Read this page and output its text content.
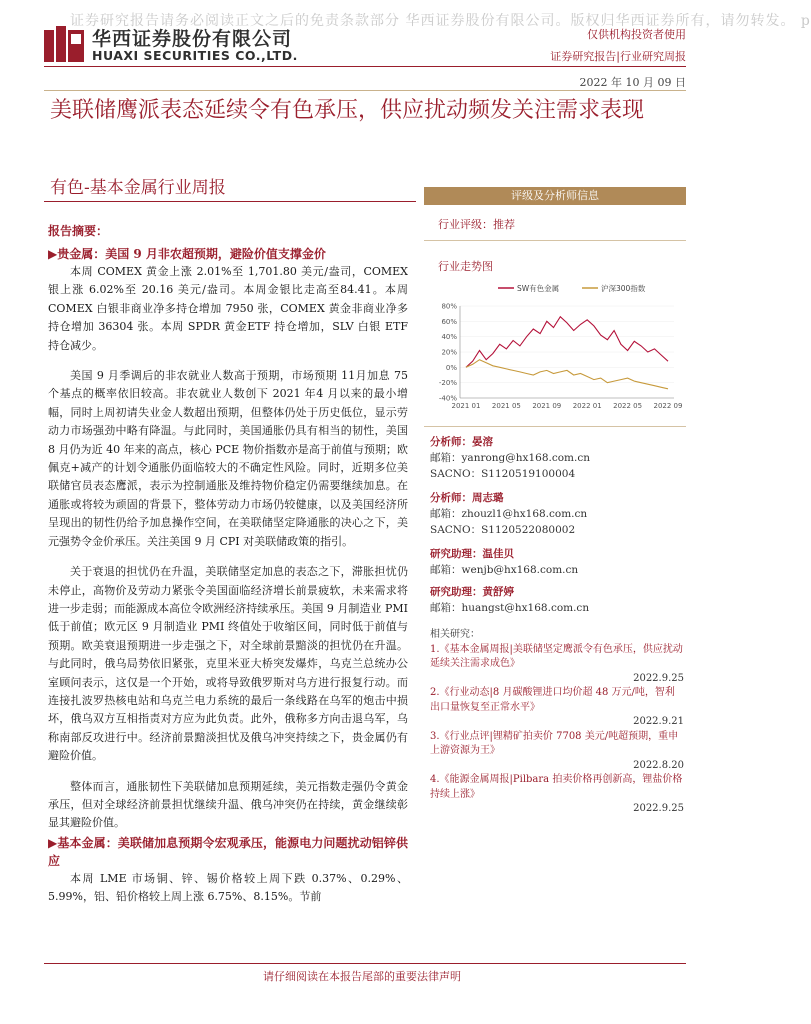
证券研究报告请务必阅读正文之后的免责条款部分 华西证券股份有限公司。版权归华西证券所有，请勿转发。 p
华西证券股份有限公司
HUAXI SECURITIES CO.,LTD.
仅供机构投资者使用
证券研究报告|行业研究周报
2022 年 10 月 09 日
美联储鹰派表态延续令有色承压，供应扰动频发关注需求表现
有色-基本金属行业周报
报告摘要：
▶贵金属：美国 9 月非农超预期，避险价值支撑金价

本周 COMEX 黄金上涨 2.01%至 1,701.80 美元/盎司，COMEX 银上涨 6.02%至 20.16 美元/盎司。本周金银比走高至84.41。本周 COMEX 白银非商业净多持仓增加 7950 张，COMEX 黄金非商业净多持仓增加 36304 张。本周 SPDR 黄金ETF 持仓增加，SLV 白银 ETF 持仓减少。

美国 9 月季调后的非农就业人数高于预期，市场预期 11月加息 75 个基点的概率依旧较高。非农就业人数创下 2021 年4 月以来的最小增幅，同时上周初请失业金人数超出预期，但整体仍处于历史低位，显示劳动力市场强劲中略有降温。与此同时，美国通胀仍具有相当的韧性，美国 8 月仍为近 40 年来的高点，核心 PCE 物价指数亦是高于前值与预期；欧佩克+减产的计划令通胀仍面临较大的不确定性风险。同时，近期多位美联储官员表态鹰派，表示为控制通胀及维持物价稳定仍需要继续加息。在通胀或将较为顽固的背景下，整体劳动力市场仍较健康，以及美国经济所呈现出的韧性仍给予加息操作空间，在美联储坚定降通胀的决心之下，美元强势令金价承压。关注美国 9 月 CPI 对美联储政策的指引。

关于衰退的担忧仍在升温，美联储坚定加息的表态之下，滞胀担忧仍未停止，高物价及劳动力紧张令美国面临经济增长前景疲软，未来需求将进一步走弱；而能源成本高位令欧洲经济持续承压。美国 9 月制造业 PMI 低于前值；欧元区 9 月制造业 PMI 终值处于收缩区间，同时低于前值与预期。欧美衰退预期进一步走强之下，对全球前景黯淡的担忧仍在升温。与此同时，俄乌局势依旧紧张，克里米亚大桥突发爆炸，乌克兰总统办公室顾问表示，这仅是一个开始，或将导致俄罗斯对乌方进行报复行动。而连接扎波罗热核电站和乌克兰电力系统的最后一条线路在乌军的炮击中损坏，俄乌双方互相指责对方应为此负责。此外，俄称多方向击退乌军，乌称南部反攻进行中。经济前景黯淡担忧及俄乌冲突持续之下，贵金属仍有避险价值。

整体而言，通胀韧性下美联储加息预期延续，美元指数走强仍令黄金承压，但对全球经济前景担忧继续升温、俄乌冲突仍在持续，黄金继续彰显其避险价值。

▶基本金属：美联储加息预期令宏观承压，能源电力问题扰动铝锌供应

本周 LME 市场铜、锌、锡价格较上周下跌 0.37%、0.29%、5.99%，铝、铅价格较上周上涨 6.75%、8.15%。节前

评级及分析师信息
行业评级：推荐
行业走势图
SW有色金属	沪深300指数
80%
60%
40%
20%
0%
-20%
-40%
2021 01 2021 05 2021 09 2022 01 2022 05 2022 09
分析师：晏溶
邮箱：yanrong@hx168.com.cn
SACNO：S1120519100004
分析师：周志璐
邮箱：zhouzl1@hx168.com.cn
SACNO：S1120522080002
研究助理：温佳贝
邮箱：wenjb@hx168.com.cn
研究助理：黄舒婷
邮箱：huangst@hx168.com.cn
相关研究：
1.《基本金属周报|美联储坚定鹰派令有色承压，供应扰动延续关注需求成色》
2022.9.25
2.《行业动态|8 月碳酸锂进口均价超 48 万元/吨，智利出口量恢复至正常水平》
2022.9.21
3.《行业点评|锂精矿拍卖价 7708 美元/吨超预期，重申上游资源为王》
2022.8.20
4.《能源金属周报|Pilbara 拍卖价格再创新高，锂盐价格持续上涨》
2022.9.25
请仔细阅读在本报告尾部的重要法律声明
